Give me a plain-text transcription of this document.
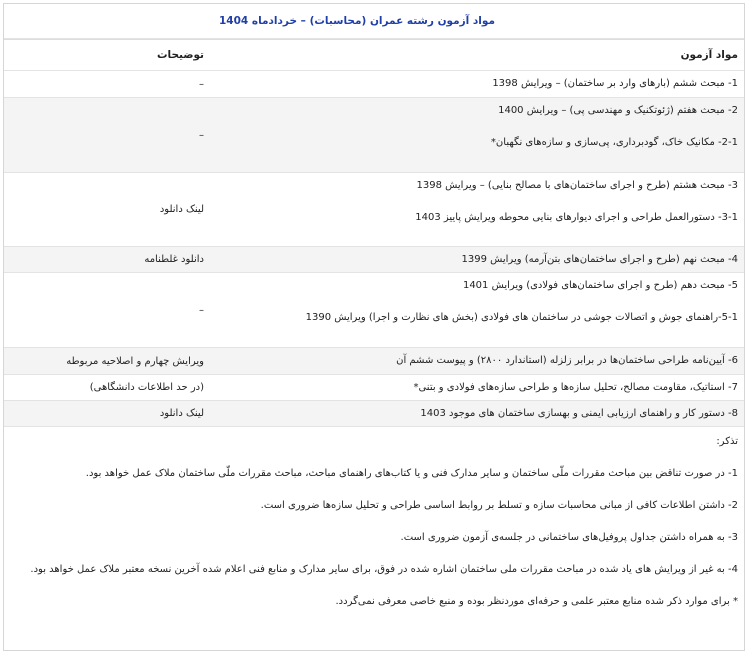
مواد آزمون رشته عمران (محاسبات) – خردادماه 1404
مواد آزمون
توضیحات
1- مبحث ششم (بارهای وارد بر ساختمان) – ویرایش 1398
–
2- مبحث هفتم (ژئوتکنیک و مهندسی پی) – ویرایش 1400
2-1- مکانیک خاک، گودبرداری، پی‌سازی و سازه‌های نگهبان*
–
3- مبحث هشتم (طرح و اجرای ساختمان‌های با مصالح بنایی) – ویرایش 1398
3-1- دستورالعمل طراحی و اجرای دیوارهای بنایی محوطه ویرایش پاییز 1403
لینک دانلود
4- مبحث نهم (طرح و اجرای ساختمان‌های بتن‌آرمه) ویرایش 1399
دانلود غلطنامه
5- مبحث دهم (طرح و اجرای ساختمان‌های فولادی) ویرایش 1401
5-1-راهنمای جوش و اتصالات جوشی در ساختمان های فولادی (بخش های نظارت و اجرا) ویرایش 1390
–
6- آیین‌نامه طراحی ساختمان‌ها در برابر زلزله (استاندارد ۲۸۰۰) و پیوست ششم آن
ویرایش چهارم و اصلاحیه مربوطه
7- استاتیک، مقاومت مصالح، تحلیل سازه‌ها و طراحی سازه‌های فولادی و بتنی*
(در حد اطلاعات دانشگاهی)
8- دستور کار و راهنمای ارزیابی ایمنی و بهسازی ساختمان های موجود 1403
لینک دانلود

تذکر:

1- در صورت تناقض بین مباحث مقررات ملّی ساختمان و سایر مدارک فنی و یا کتاب‌های راهنمای مباحث، مباحث مقررات ملّی ساختمان ملاک عمل خواهد بود.

2- داشتن اطلاعات کافی از مبانی محاسبات سازه و تسلط بر روابط اساسی طراحی و تحلیل سازه‌ها ضروری است.

3- به همراه داشتن جداول پروفیل‌های ساختمانی در جلسه‌ی آزمون ضروری است.

4- به غیر از ویرایش های یاد شده در مباحث مقررات ملی ساختمان اشاره شده در فوق، برای سایر مدارک و منابع فنی اعلام شده آخرین نسخه معتبر ملاک عمل خواهد بود.

* برای موارد ذکر شده منابع معتبر علمی و حرفه‌ای موردنظر بوده و منبع خاصی معرفی نمی‌گردد.
